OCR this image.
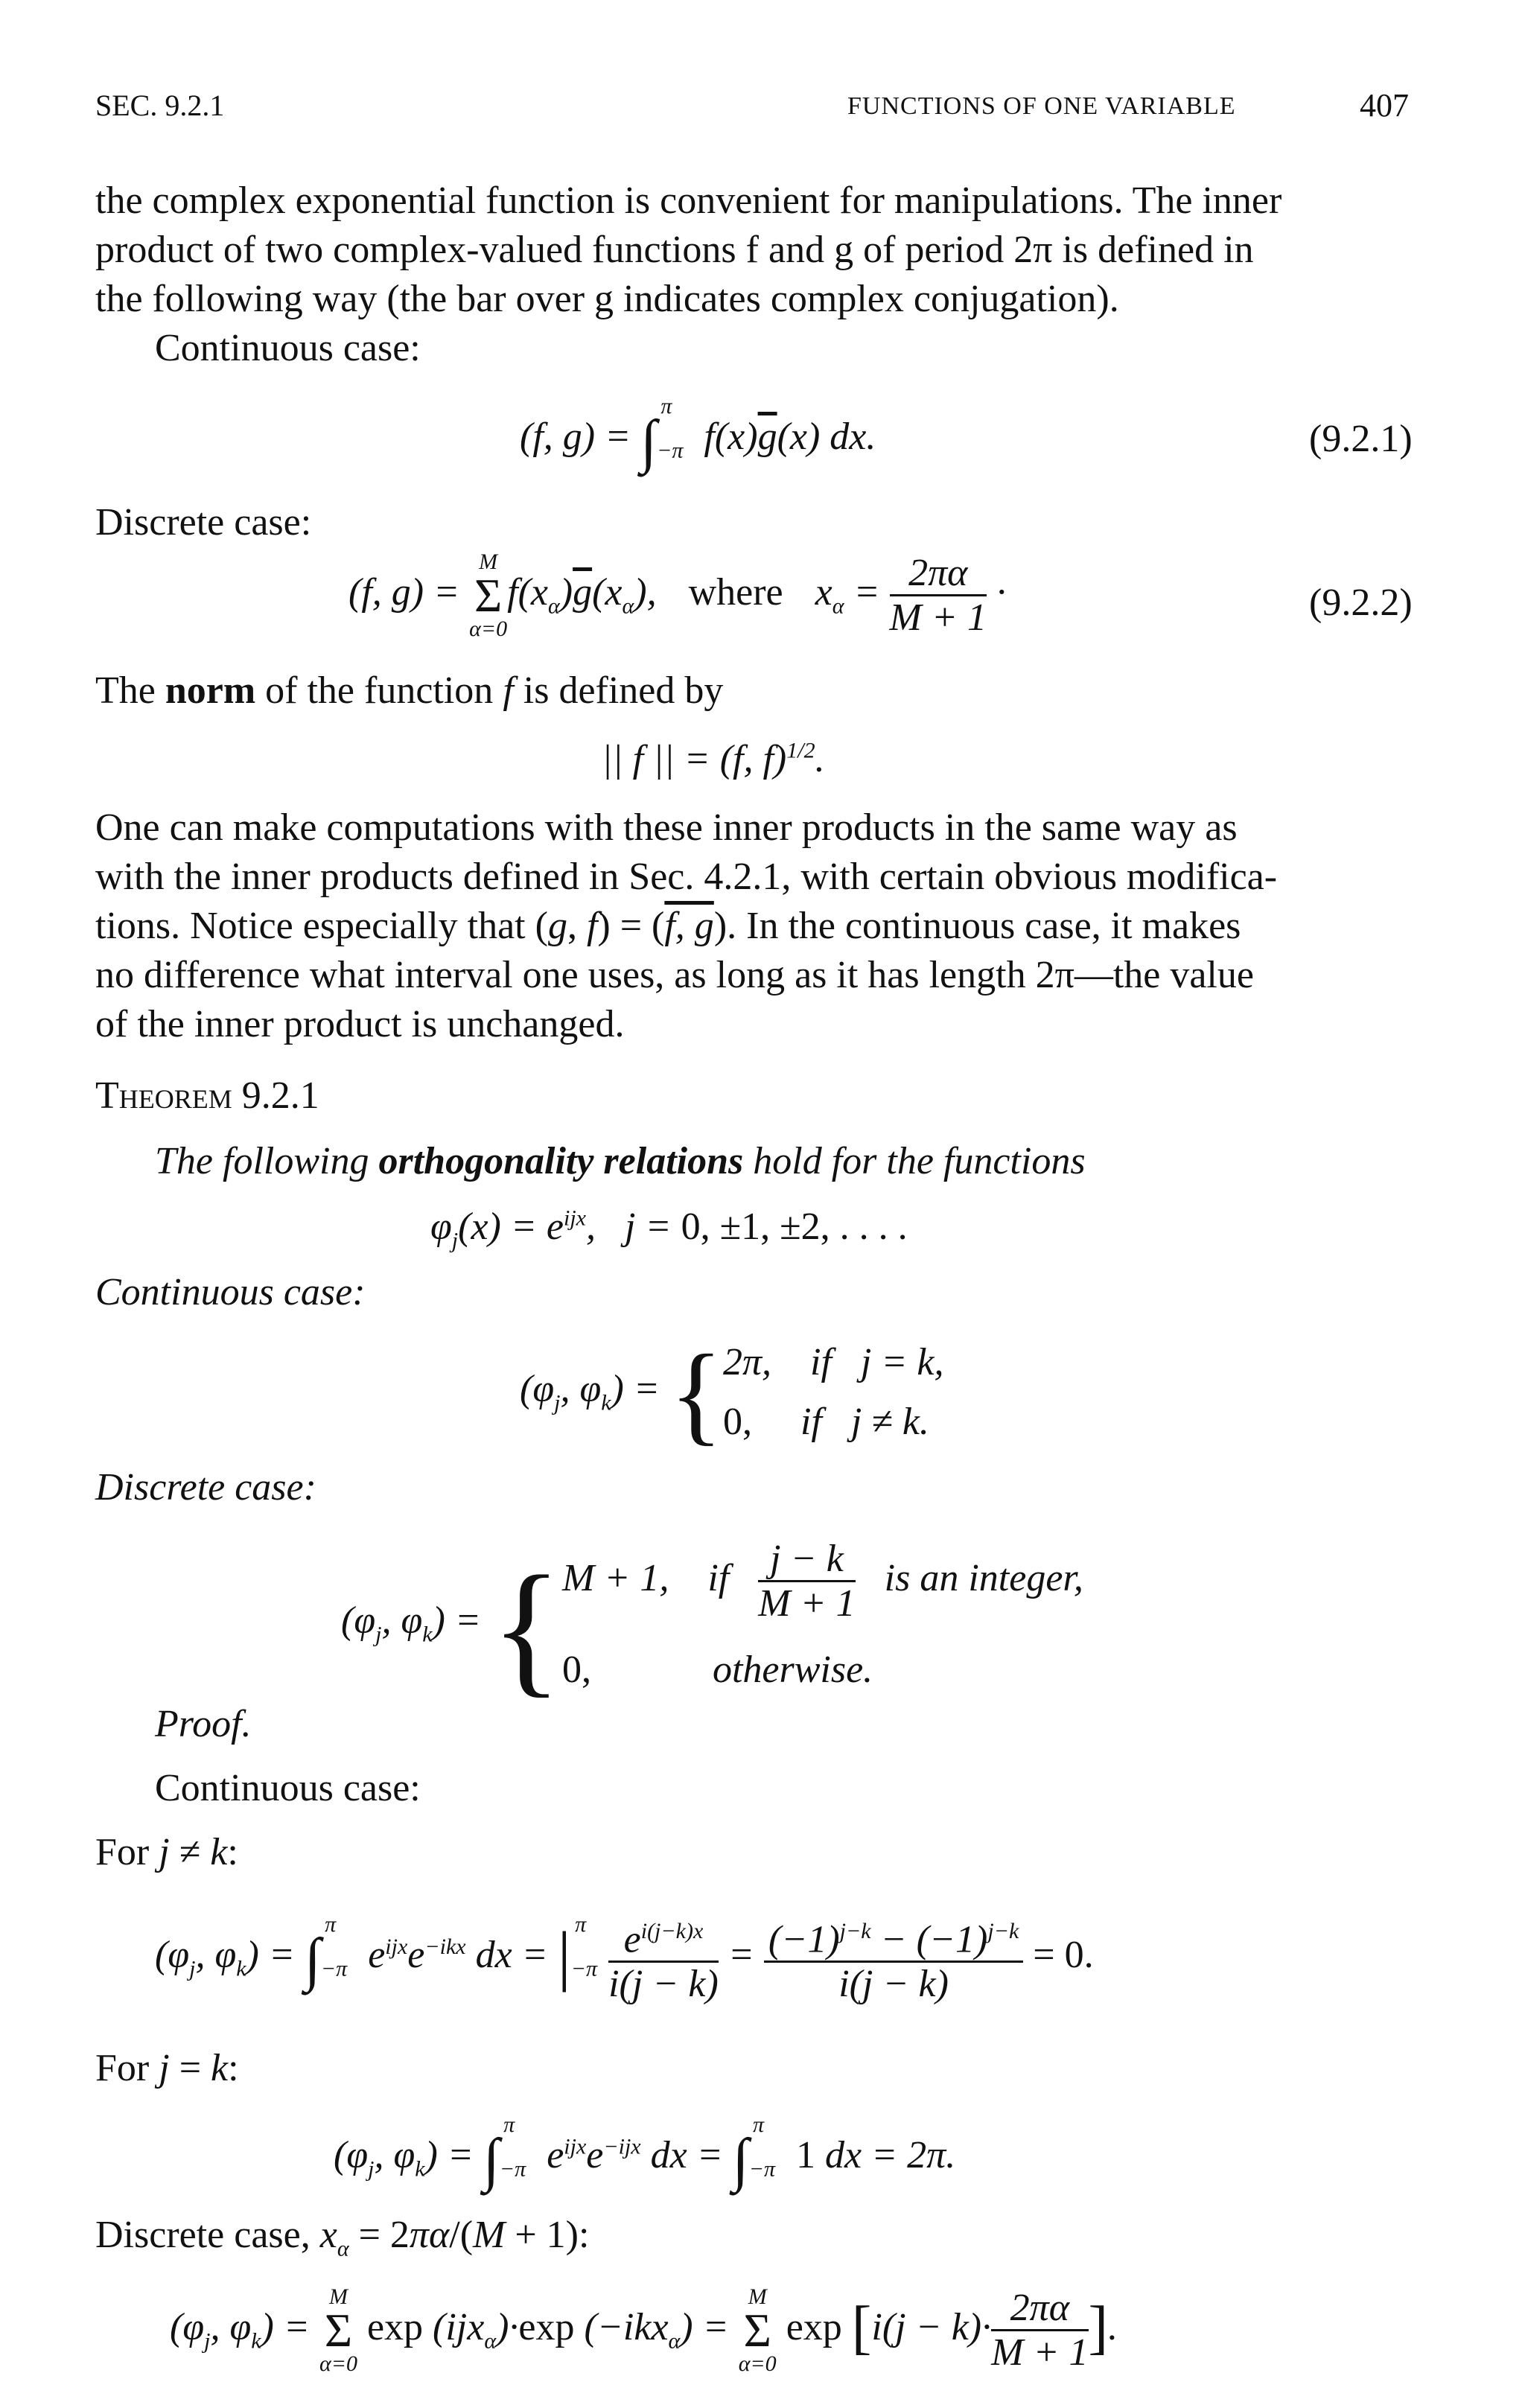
SEC. 9.2.1	FUNCTIONS OF ONE VARIABLE	407
the complex exponential function is convenient for manipulations. The inner
product of two complex-valued functions f and g of period 2π is defined in
the following way (the bar over g indicates complex conjugation).
Continuous case:
(f, $g) = \int_{-\pi}^\pi$ $f(x)\overline{g}(x)$ dx.	(9.2.1)
Discrete case:
(f, g) =
M
Σ
α=0
$f(x_\alpha)\overline{g}(x_\alpha)$, where $x_\alpha = \frac{2\pi\alpha}{M + 1}$ ·	(9.2.2)
The norm of the function f is defined by
|| f || = (f, f)$^{1/2}$.
One can make computations with these inner products in the same way as
with the inner products defined in Sec. 4.2.1, with certain obvious modifica-
tions. Notice especially that (g, f) = (f, g). In the continuous case, it makes
no difference what interval one uses, as long as it has length 2π—the value
of the inner product is unchanged.
Theorem 9.2.1
The following orthogonality relations hold for the functions
$\varphi_j(x) = e^{ijx}$,   j = 0, ±1, ±2, . . . .
Continuous case:
($\varphi_j$, $\varphi_k$) = { 2π,    if   j = k,
0,     if   j ≠ k.
Discrete case:
($\varphi_j$, $\varphi_k$) = { M + 1,    if $\frac{j - k}{M + 1}$ is an integer,
0,	otherwise.
Proof.
Continuous case:
For j ≠ k:
($\varphi_j$, $\varphi_k) = \int_{-\pi}^\pi$ $e^{ijx}e^{-ikx}$ dx = $|_{-\pi}^\pi \frac{e^{i(j-k)x}}{i(j - k)} = \frac{(-1)^{j-k} - (-1)^{j-k}}{i(j - k)} = 0$.
For j = k:
($\varphi_j$, $\varphi_k) = \int_{-\pi}^\pi$ $e^{ijx}e^{-ijx}$ dx = $\int_{-\pi}^\pi$ 1 dx = 2π.
Discrete case, $x_\alpha = 2\pi\alpha/(M + 1)$:
($\varphi_j$, $\varphi_k$) =
M
Σ
α=0
exp (ijx$_\alpha$)·exp (−ikx$_\alpha$) =
M
Σ
α=0
$\exp [i(j - k)\cdot \frac{2\pi\alpha}{M + 1}$ ].
